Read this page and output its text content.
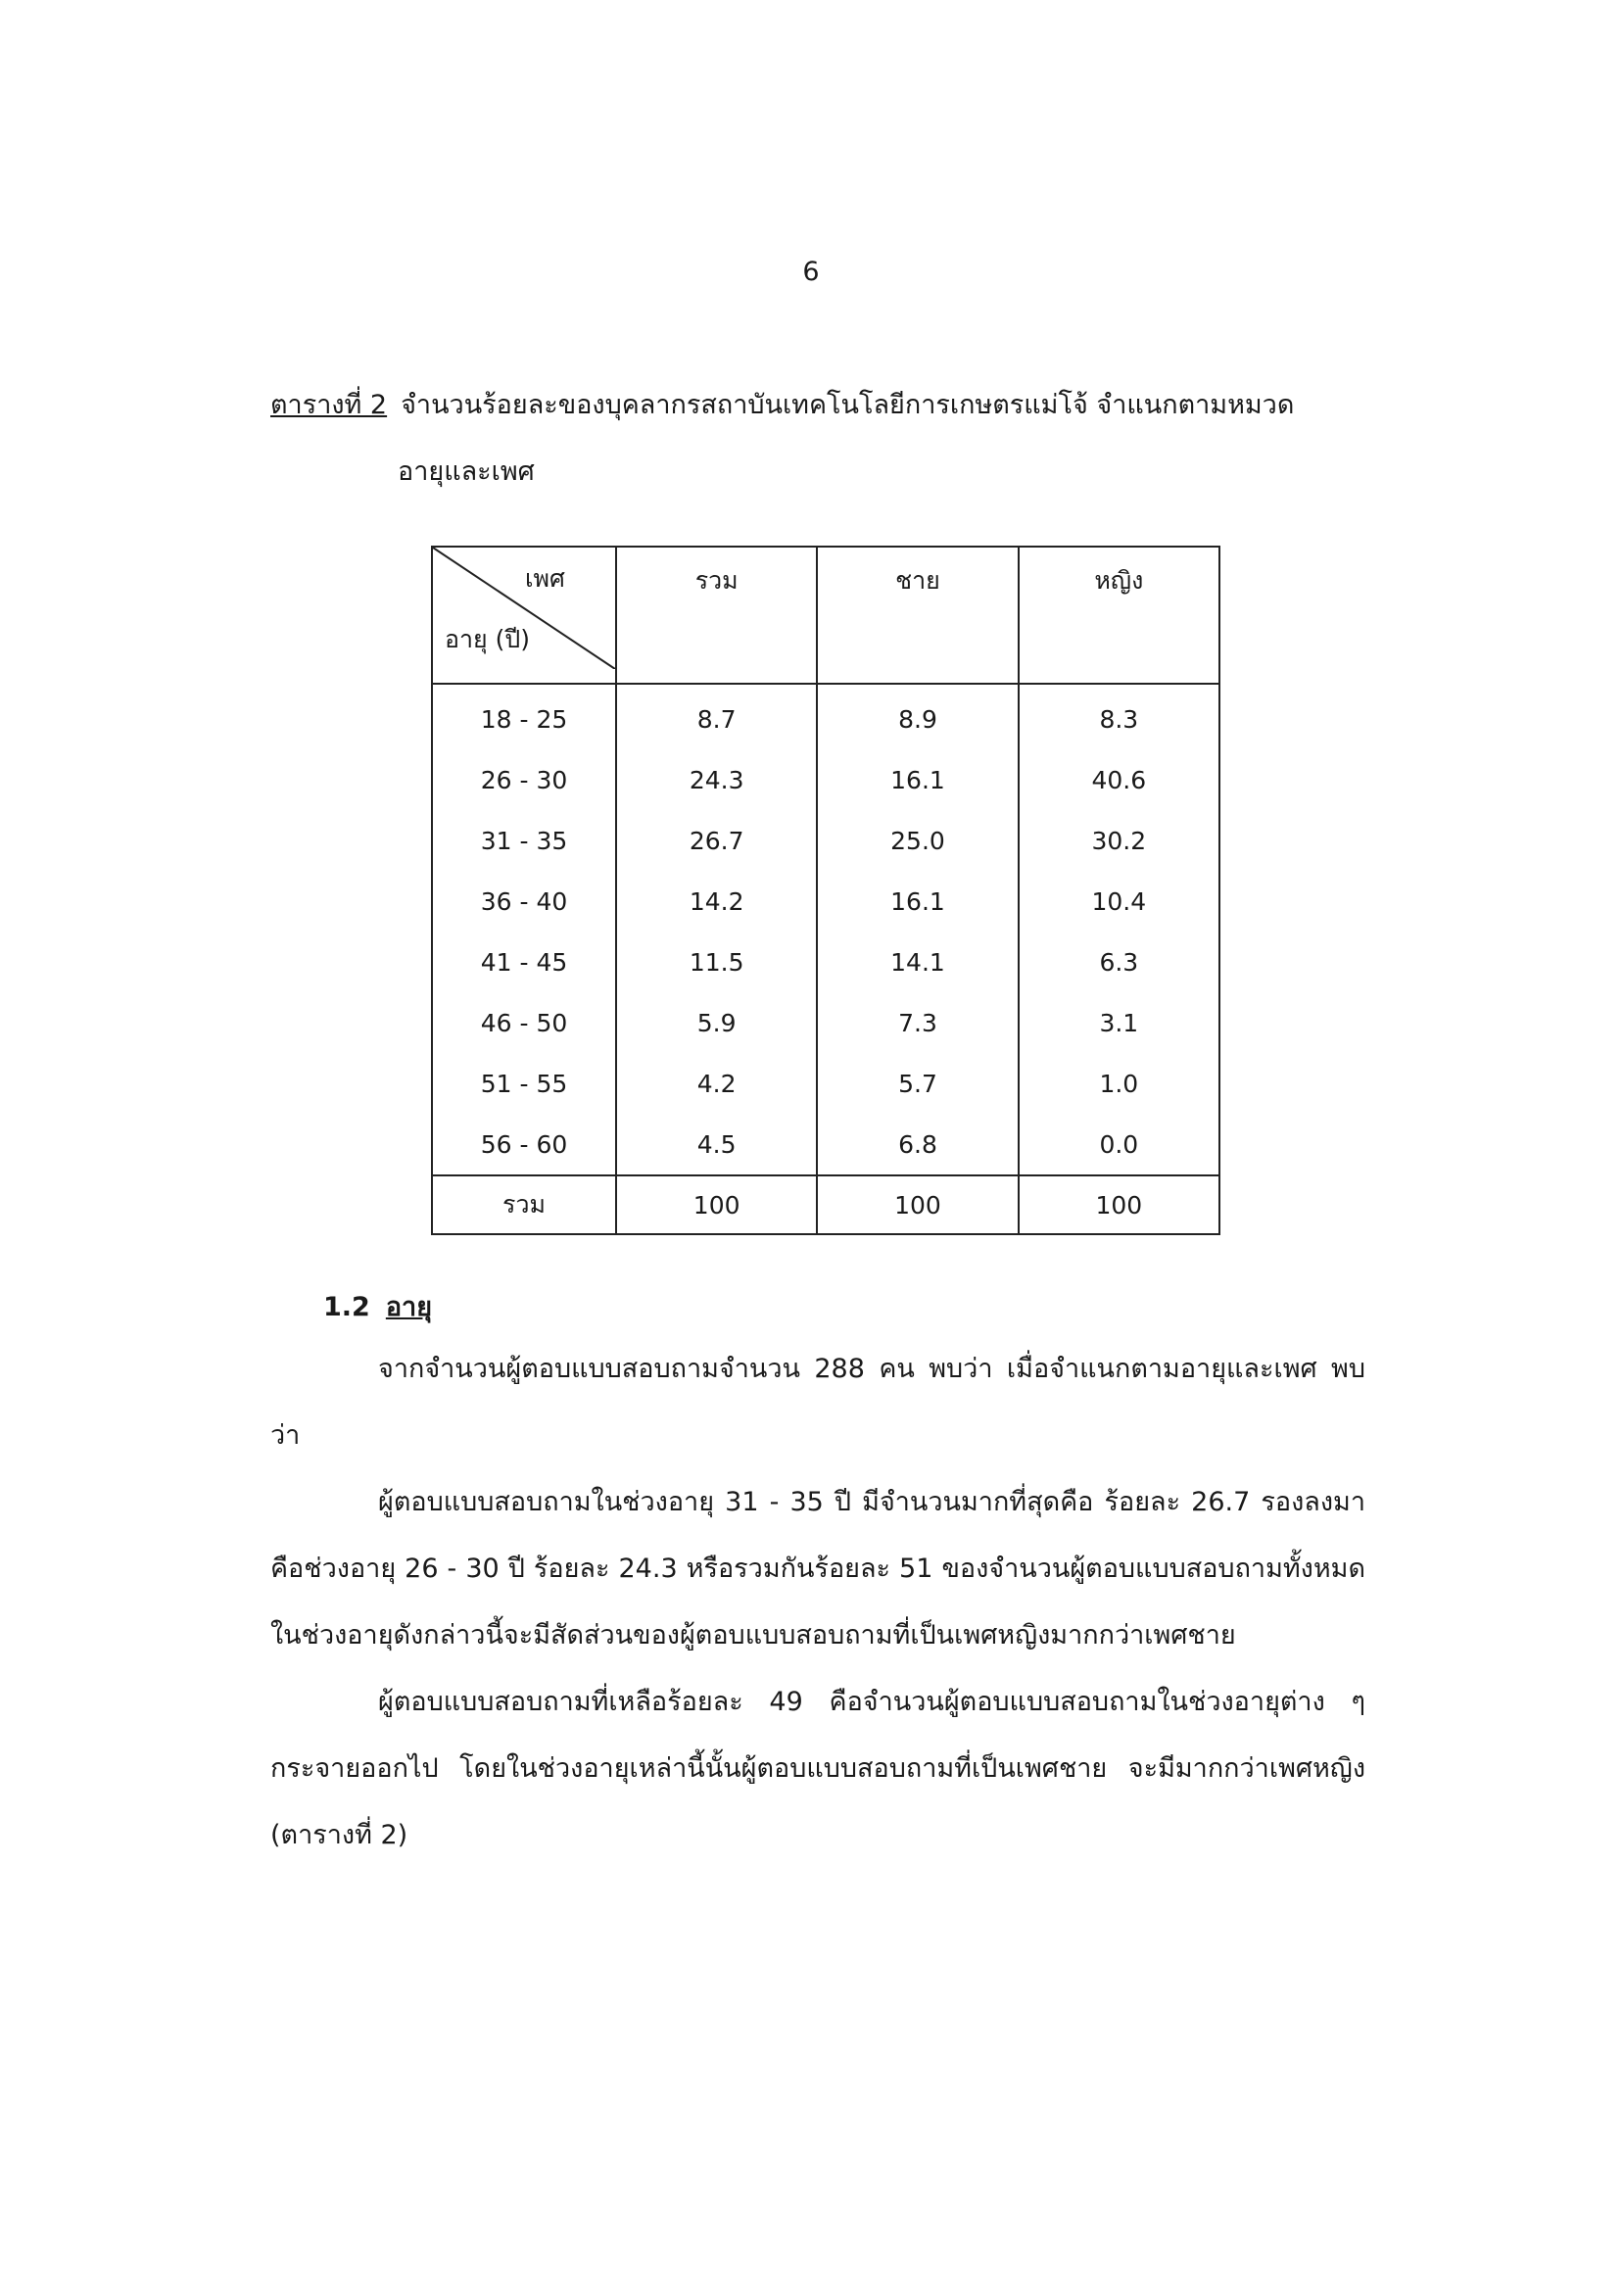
6
ตารางที่ 2 จำนวนร้อยละของบุคลากรสถาบันเทคโนโลยีการเกษตรแม่โจ้ จำแนกตามหมวด
อายุและเพศ
เพศ
อายุ (ปี)	รวม	ชาย	หญิง
18 - 25	8.7	8.9	8.3
26 - 30	24.3	16.1	40.6
31 - 35	26.7	25.0	30.2
36 - 40	14.2	16.1	10.4
41 - 45	11.5	14.1	6.3
46 - 50	5.9	7.3	3.1
51 - 55	4.2	5.7	1.0
56 - 60	4.5	6.8	0.0
รวม	100	100	100
1.2 อายุ

จากจำนวนผู้ตอบแบบสอบถามจำนวน 288 คน พบว่า เมื่อจำแนกตามอายุและเพศ พบว่า

ผู้ตอบแบบสอบถามในช่วงอายุ 31 - 35 ปี มีจำนวนมากที่สุดคือ ร้อยละ 26.7 รองลงมาคือช่วงอายุ 26 - 30 ปี ร้อยละ 24.3 หรือรวมกันร้อยละ 51 ของจำนวนผู้ตอบแบบสอบถามทั้งหมด ในช่วงอายุดังกล่าวนี้จะมีสัดส่วนของผู้ตอบแบบสอบถามที่เป็นเพศหญิงมากกว่าเพศชาย

ผู้ตอบแบบสอบถามที่เหลือร้อยละ 49 คือจำนวนผู้ตอบแบบสอบถามในช่วงอายุต่าง ๆ กระจายออกไป โดยในช่วงอายุเหล่านี้นั้นผู้ตอบแบบสอบถามที่เป็นเพศชาย จะมีมากกว่าเพศหญิง (ตารางที่ 2)
